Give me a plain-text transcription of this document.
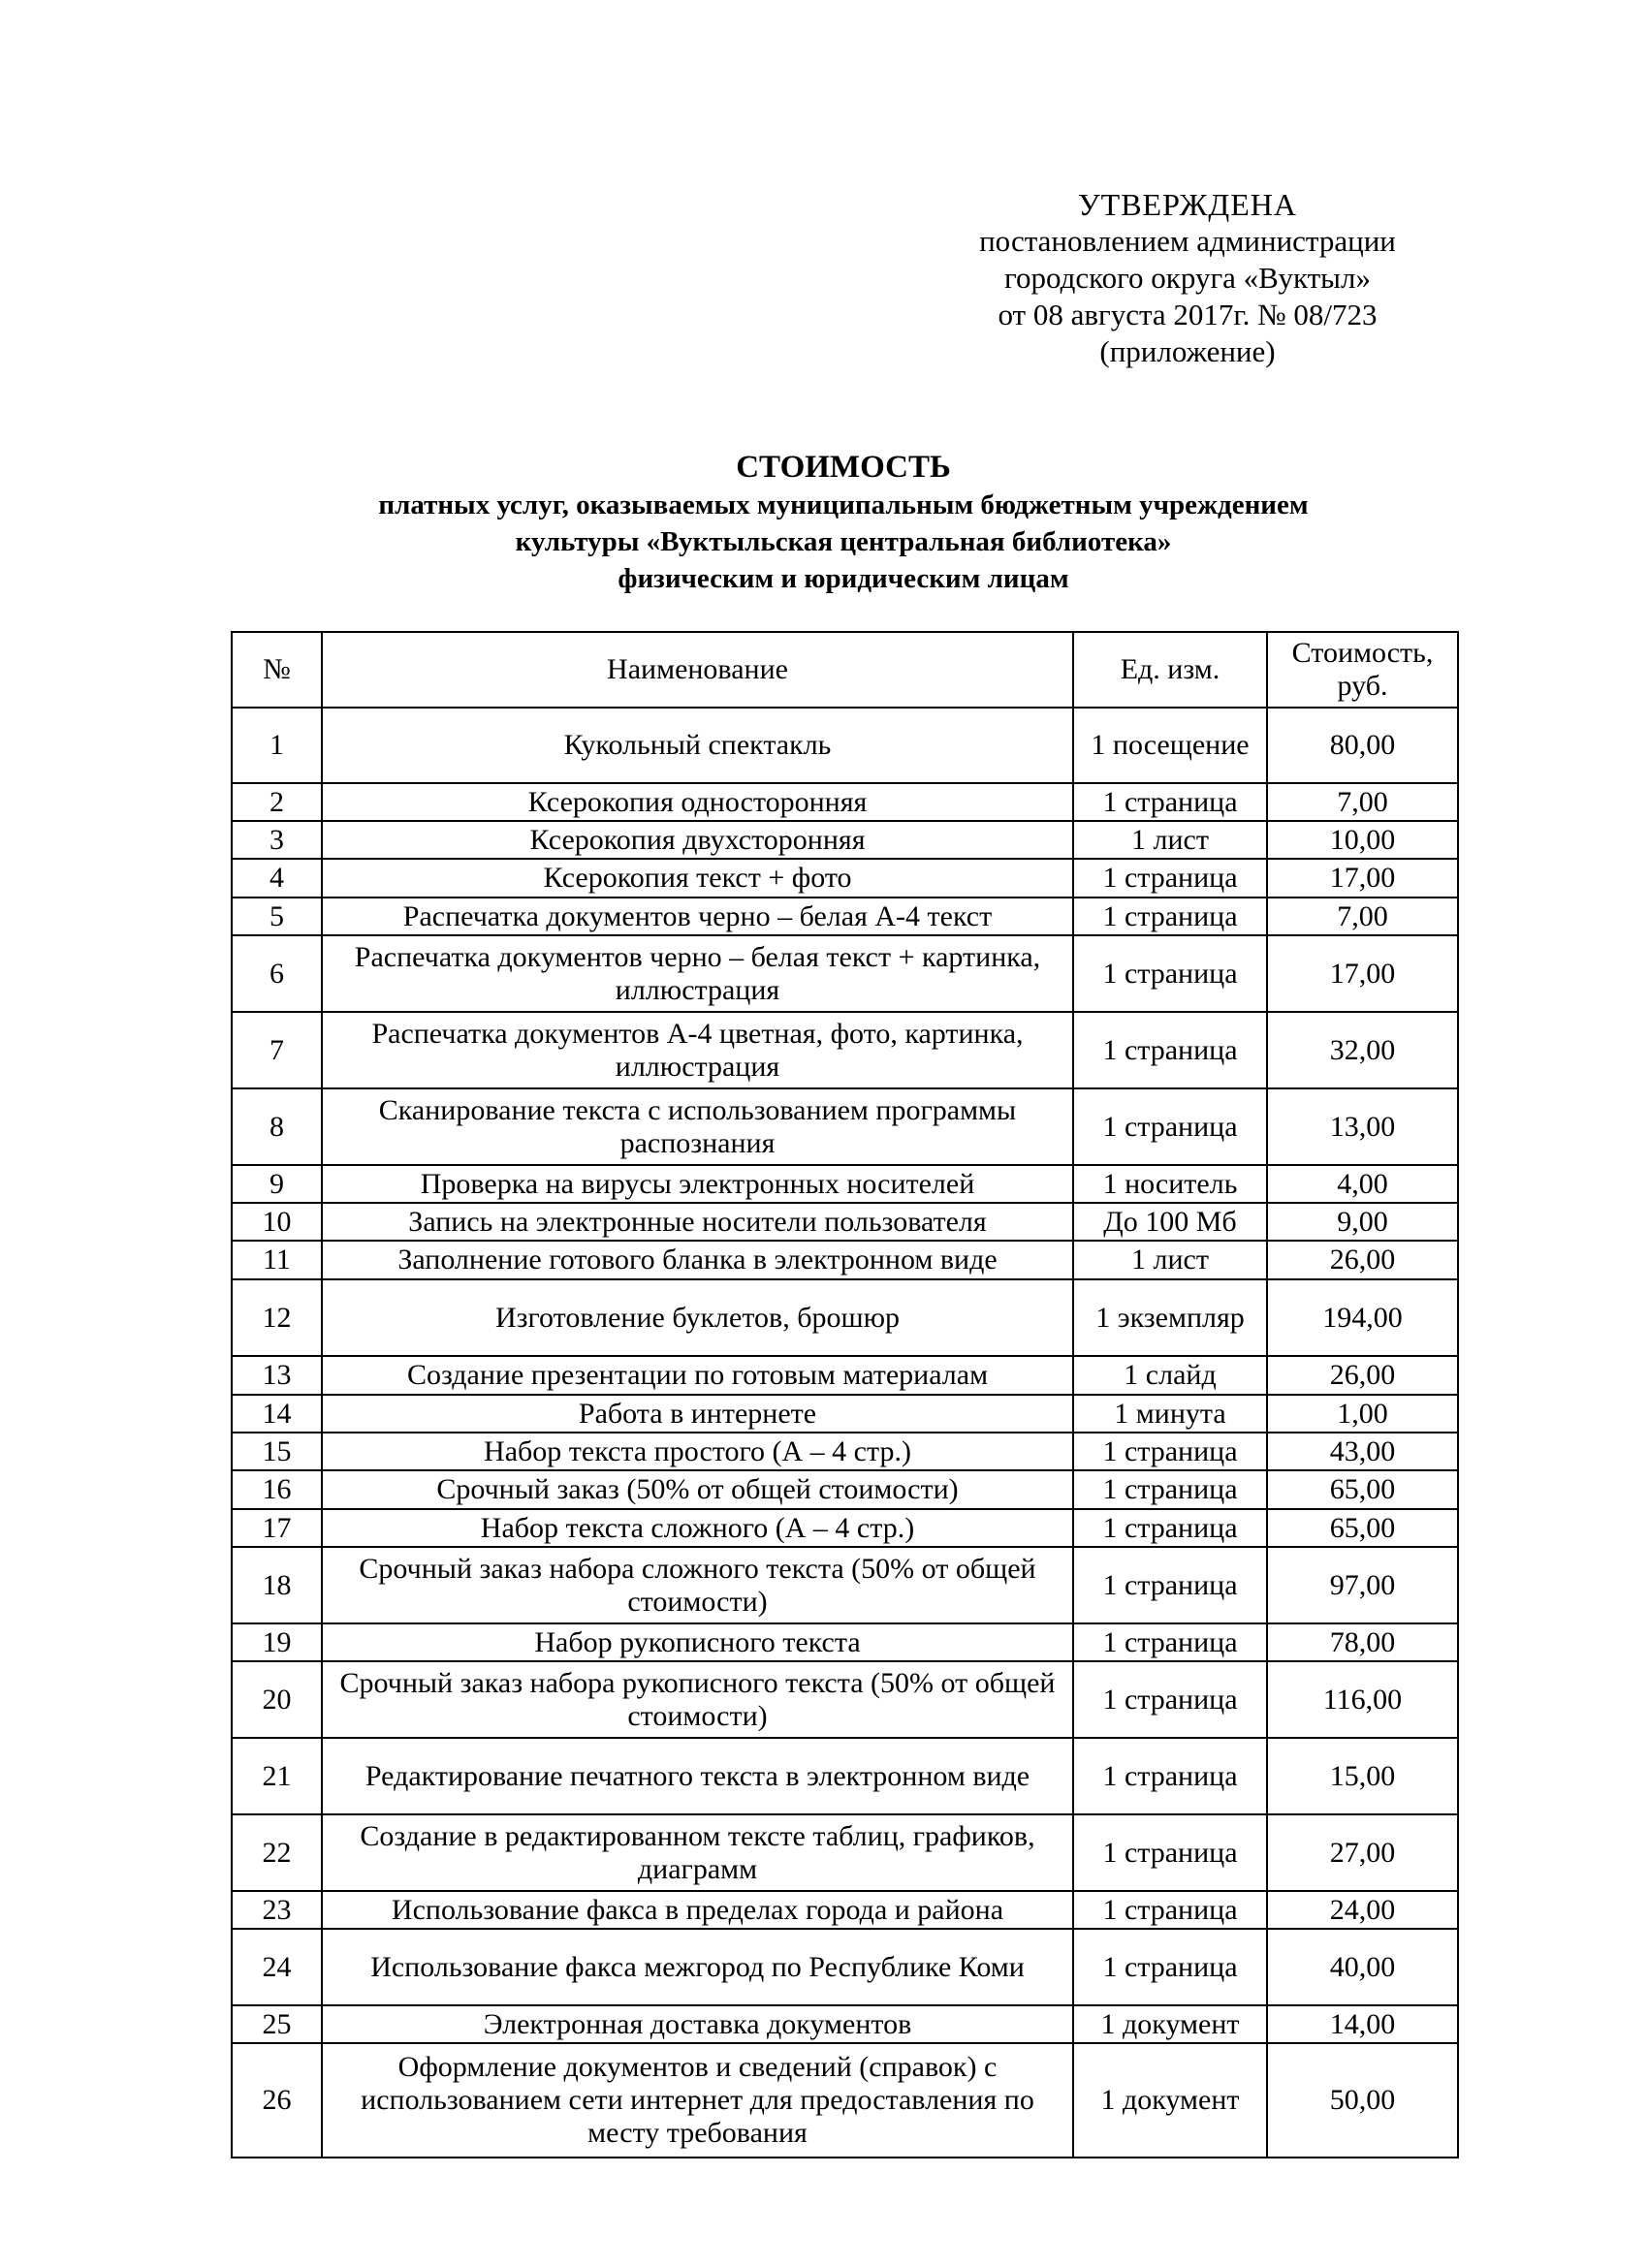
УТВЕРЖДЕНА
постановлением администрации
городского округа «Вуктыл»
от 08 августа 2017г. № 08/723
(приложение)
СТОИМОСТЬ
платных услуг, оказываемых муниципальным бюджетным учреждением
культуры «Вуктыльская центральная библиотека»
физическим и юридическим лицам
№	Наименование	Ед. изм.	Стоимость, руб.
1	Кукольный спектакль	1 посещение	80,00
2	Ксерокопия односторонняя	1 страница	7,00
3	Ксерокопия двухсторонняя	1 лист	10,00
4	Ксерокопия текст + фото	1 страница	17,00
5	Распечатка документов черно – белая А-4 текст	1 страница	7,00
6	Распечатка документов черно – белая текст + картинка, иллюстрация	1 страница	17,00
7	Распечатка документов А-4 цветная, фото, картинка, иллюстрация	1 страница	32,00
8	Сканирование текста с использованием программы распознания	1 страница	13,00
9	Проверка на вирусы электронных носителей	1 носитель	4,00
10	Запись на электронные носители пользователя	До 100 Мб	9,00
11	Заполнение готового бланка в электронном виде	1 лист	26,00
12	Изготовление буклетов, брошюр	1 экземпляр	194,00
13	Создание презентации по готовым материалам	1 слайд	26,00
14	Работа в интернете	1 минута	1,00
15	Набор текста простого (А – 4 стр.)	1 страница	43,00
16	Срочный заказ (50% от общей стоимости)	1 страница	65,00
17	Набор текста сложного (А – 4 стр.)	1 страница	65,00
18	Срочный заказ набора сложного текста (50% от общей стоимости)	1 страница	97,00
19	Набор рукописного текста	1 страница	78,00
20	Срочный заказ набора рукописного текста (50% от общей стоимости)	1 страница	116,00
21	Редактирование печатного текста в электронном виде	1 страница	15,00
22	Создание в редактированном тексте таблиц, графиков, диаграмм	1 страница	27,00
23	Использование факса в пределах города и района	1 страница	24,00
24	Использование факса межгород по Республике Коми	1 страница	40,00
25	Электронная доставка документов	1 документ	14,00
26	Оформление документов и сведений (справок) с использованием сети интернет для предоставления по месту требования	1 документ	50,00
